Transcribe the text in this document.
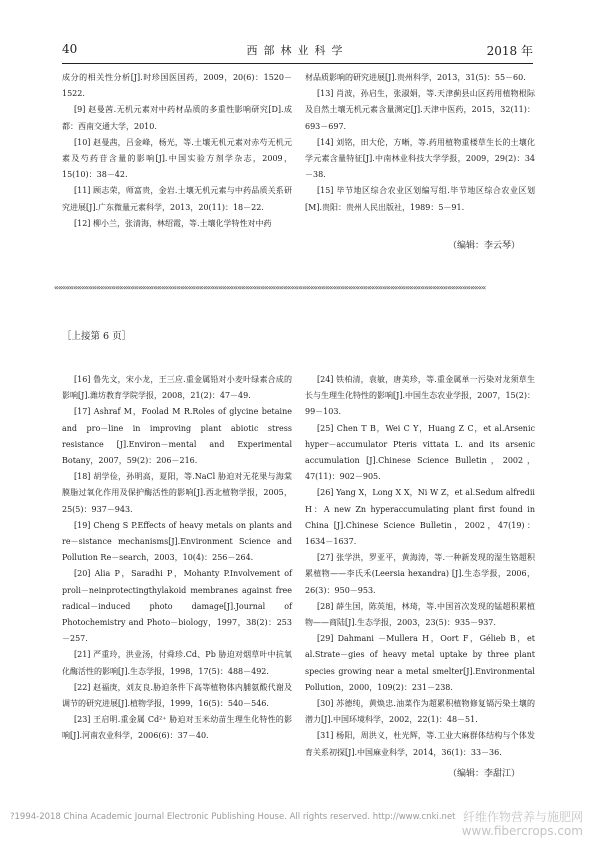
40	西部林业科学	2018 年

成分的相关性分析[J].时珍国医国药，2009，20(6)：1520－1522.

[9] 赵曼茜.无机元素对中药材品质的多重性影响研究[D].成都：西南交通大学，2010.

[10] 赵曼茜，吕金峰，杨光，等.土壤无机元素对赤芍无机元素及芍药苷含量的影响[J].中国实验方剂学杂志，2009，15(10)：38－42.

[11] 顾志荣，师富贵，金岩.土壤无机元素与中药品质关系研究进展[J].广东微量元素科学，2013，20(11)：18－22.

[12] 柳小兰，张清海，林绍霞，等.土壤化学特性对中药

材品质影响的研究进展[J].贵州科学，2013，31(5)：55－60.

[13] 肖波，孙启生，张淑娟，等.天津蓟县山区药用植物根际及自然土壤无机元素含量测定[J].天津中医药，2015，32(11)：693－697.

[14] 刘铭，田大伦，方晰，等.药用植物重楼草生长的土壤化学元素含量特征[J].中南林业科技大学学报，2009，29(2)：34－38.

[15] 毕节地区综合农业区划编写组.毕节地区综合农业区划[M].贵阳：贵州人民出版社，1989：5－91.

（编辑：李云琴）
«««««««««««««««««««««««««««««««««««««««««««««««««««««««««««««««««««««««««««««««««««««««««««««««««««««««««««««««««
［上接第 6 页］

[16] 鲁先文，宋小龙，王三应.重金属铅对小麦叶绿素合成的影响[J].潍坊教育学院学报，2008，21(2)：47－49.

[17] Ashraf M，Foolad M R.Roles of glycine betaine and pro－line in improving plant abiotic stress resistance [J].Environ－mental and Experimental Botany，2007，59(2)：206－216.

[18] 胡学俭，孙明高，夏阳，等.NaCl 胁迫对无花果与海棠膜脂过氧化作用及保护酶活性的影响[J].西北植物学报，2005，25(5)：937－943.

[19] Cheng S P.Effects of heavy metals on plants and re－sistance mechanisms[J].Environment Science and Pollution Re－search，2003，10(4)：256－264.

[20] Alia P，Saradhi P，Mohanty P.Involvement of proli－neinprotectingthylakoid membranes against free radical－induced photo damage[J].Journal of Photochemistry and Photo－biology，1997，38(2)：253－257.

[21] 严重玲，洪业汤，付舜珍.Cd、Pb 胁迫对烟草叶中抗氧化酶活性的影响[J].生态学报，1998，17(5)：488－492.

[22] 赵福庚，刘友良.胁迫条件下高等植物体内脯氨酸代谢及调节的研究进展[J].植物学报，1999，16(5)：540－546.

[23] 王启明.重金属 Cd²⁺ 胁迫对玉米幼苗生理生化特性的影响[J].河南农业科学，2006(6)：37－40.

[24] 铁柏清，袁敏，唐美珍，等.重金属单一污染对龙须草生长与生理生化特性的影响[J].中国生态农业学报，2007，15(2)：99－103.

[25] Chen T B，Wei C Y，Huang Z C，et al.Arsenic hyper－accumulator Pteris vittata L. and its arsenic accumulation [J].Chinese Science Bulletin，2002，47(11)：902－905.

[26] Yang X，Long X X，Ni W Z，et al.Sedum alfredii H：A new Zn hyperaccumulating plant first found in China [J].Chinese Science Bulletin，2002，47(19)：1634－1637.

[27] 张学洪，罗亚平，黄海涛，等.一种新发现的湿生铬超积累植物——李氏禾(Leersia hexandra) [J].生态学报，2006，26(3)：950－953.

[28] 薛生国，陈英旭，林琦，等.中国首次发现的锰超积累植物——商陆[J].生态学报，2003，23(5)：935－937.

[29] Dahmani －Mullera H，Oort F，Gélieb B，et al.Strate－gies of heavy metal uptake by three plant species growing near a metal smelter[J].Environmental Pollution，2000，109(2)：231－238.

[30] 苏德纯，黄焕忠.油菜作为超累积植物修复镉污染土壤的潜力[J].中国环境科学，2002，22(1)：48－51.

[31] 杨阳，周洪义，杜光辉，等.工业大麻群体结构与个体发育关系初探[J].中国麻业科学，2014，36(1)：33－36.

（编辑：李甜江）
?1994-2018 China Academic Journal Electronic Publishing House. All rights reserved. http://www.cnki.net 纤维作物营养与施肥网
www.fibercrops.com
